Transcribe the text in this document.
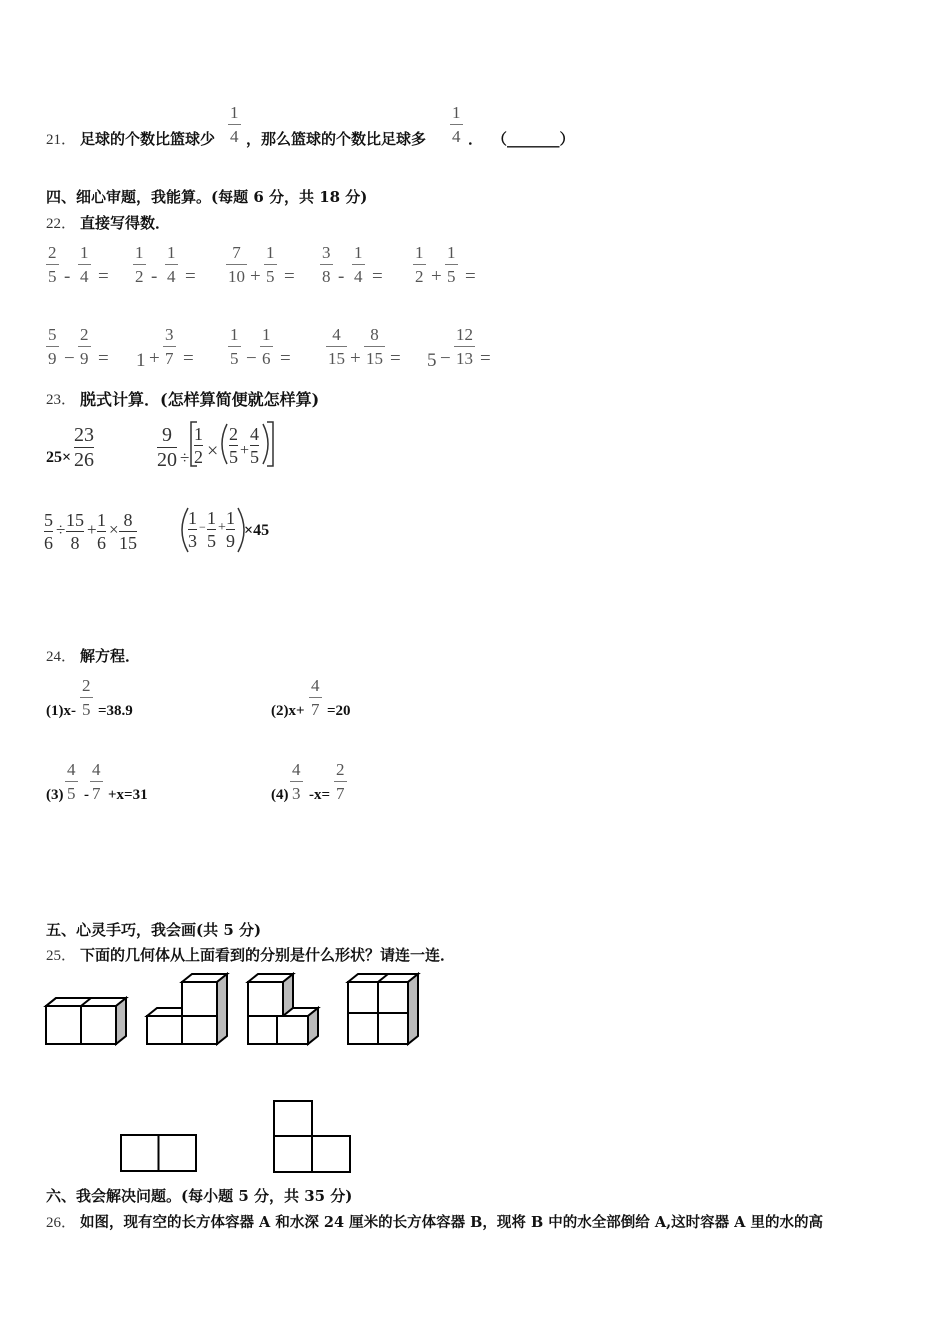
21． 足球的个数比篮球少
1
4 ，那么篮球的个数比足球多
1
4 ． （_______）
四、细心审题，我能算。(每题 6 分，共 18 分)
22． 直接写得数．
2
5 -
1
4 =
1
2 -
1
4 =
7
10 +
1
5 =
3
8 -
1
4 =
1
2 +
1
5 =
5
9 −
2
9 = 1 +
3
7 =
1
5 −
1
6 =
4
15 +
8
15 = 5 −
12
13 =
23． 脱式计算．(怎样算简便就怎样算)
25×
23
26
9
20 ÷
1
2 ×
2
5 +
4
5
5
6
÷ 15
8
+ 1
6
× 8
15
1
3
− 1
5
+ 1
9
×45
24． 解方程．
(1)x-
2
5 =38.9	(2)x+
4
7 =20
(3)
4
5 -
4
7 +x=31	(4)
4
3 -x=
2
7
五、心灵手巧，我会画(共 5 分)
25． 下面的几何体从上面看到的分别是什么形状？请连一连．
六、我会解决问题。(每小题 5 分，共 35 分)
26． 如图，现有空的长方体容器 A 和水深 24 厘米的长方体容器 B，现将 B 中的水全部倒给 A,这时容器 A 里的水的高
